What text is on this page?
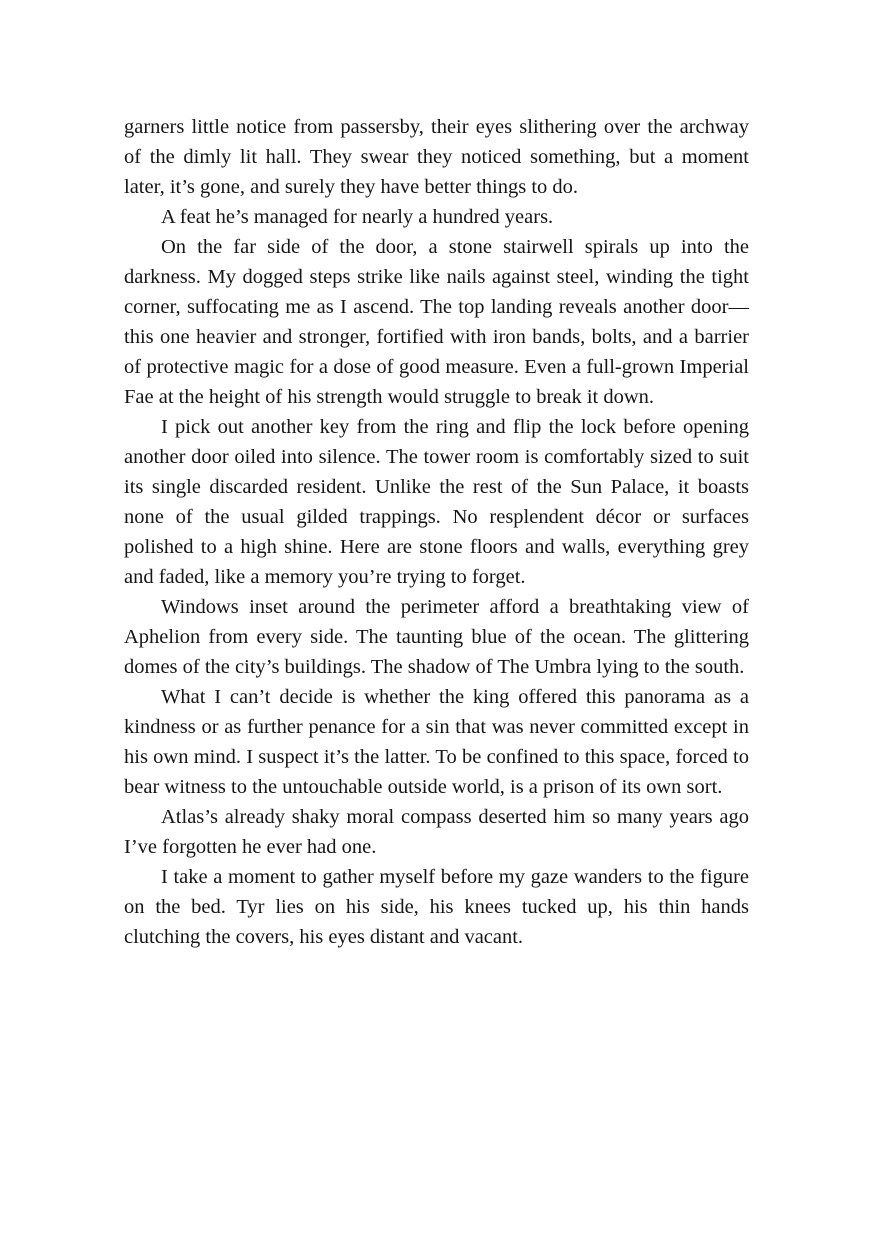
garners little notice from passersby, their eyes slithering over the archway of the dimly lit hall. They swear they noticed something, but a moment later, it’s gone, and surely they have better things to do.

A feat he’s managed for nearly a hundred years.

On the far side of the door, a stone stairwell spirals up into the darkness. My dogged steps strike like nails against steel, winding the tight corner, suffocating me as I ascend. The top landing reveals another door—this one heavier and stronger, fortified with iron bands, bolts, and a barrier of protective magic for a dose of good measure. Even a full-grown Imperial Fae at the height of his strength would struggle to break it down.

I pick out another key from the ring and flip the lock before opening another door oiled into silence. The tower room is comfortably sized to suit its single discarded resident. Unlike the rest of the Sun Palace, it boasts none of the usual gilded trappings. No resplendent décor or surfaces polished to a high shine. Here are stone floors and walls, everything grey and faded, like a memory you’re trying to forget.

Windows inset around the perimeter afford a breathtaking view of Aphelion from every side. The taunting blue of the ocean. The glittering domes of the city’s buildings. The shadow of The Umbra lying to the south.

What I can’t decide is whether the king offered this panorama as a kindness or as further penance for a sin that was never committed except in his own mind. I suspect it’s the latter. To be confined to this space, forced to bear witness to the untouchable outside world, is a prison of its own sort.

Atlas’s already shaky moral compass deserted him so many years ago I’ve forgotten he ever had one.

I take a moment to gather myself before my gaze wanders to the figure on the bed. Tyr lies on his side, his knees tucked up, his thin hands clutching the covers, his eyes distant and vacant.
